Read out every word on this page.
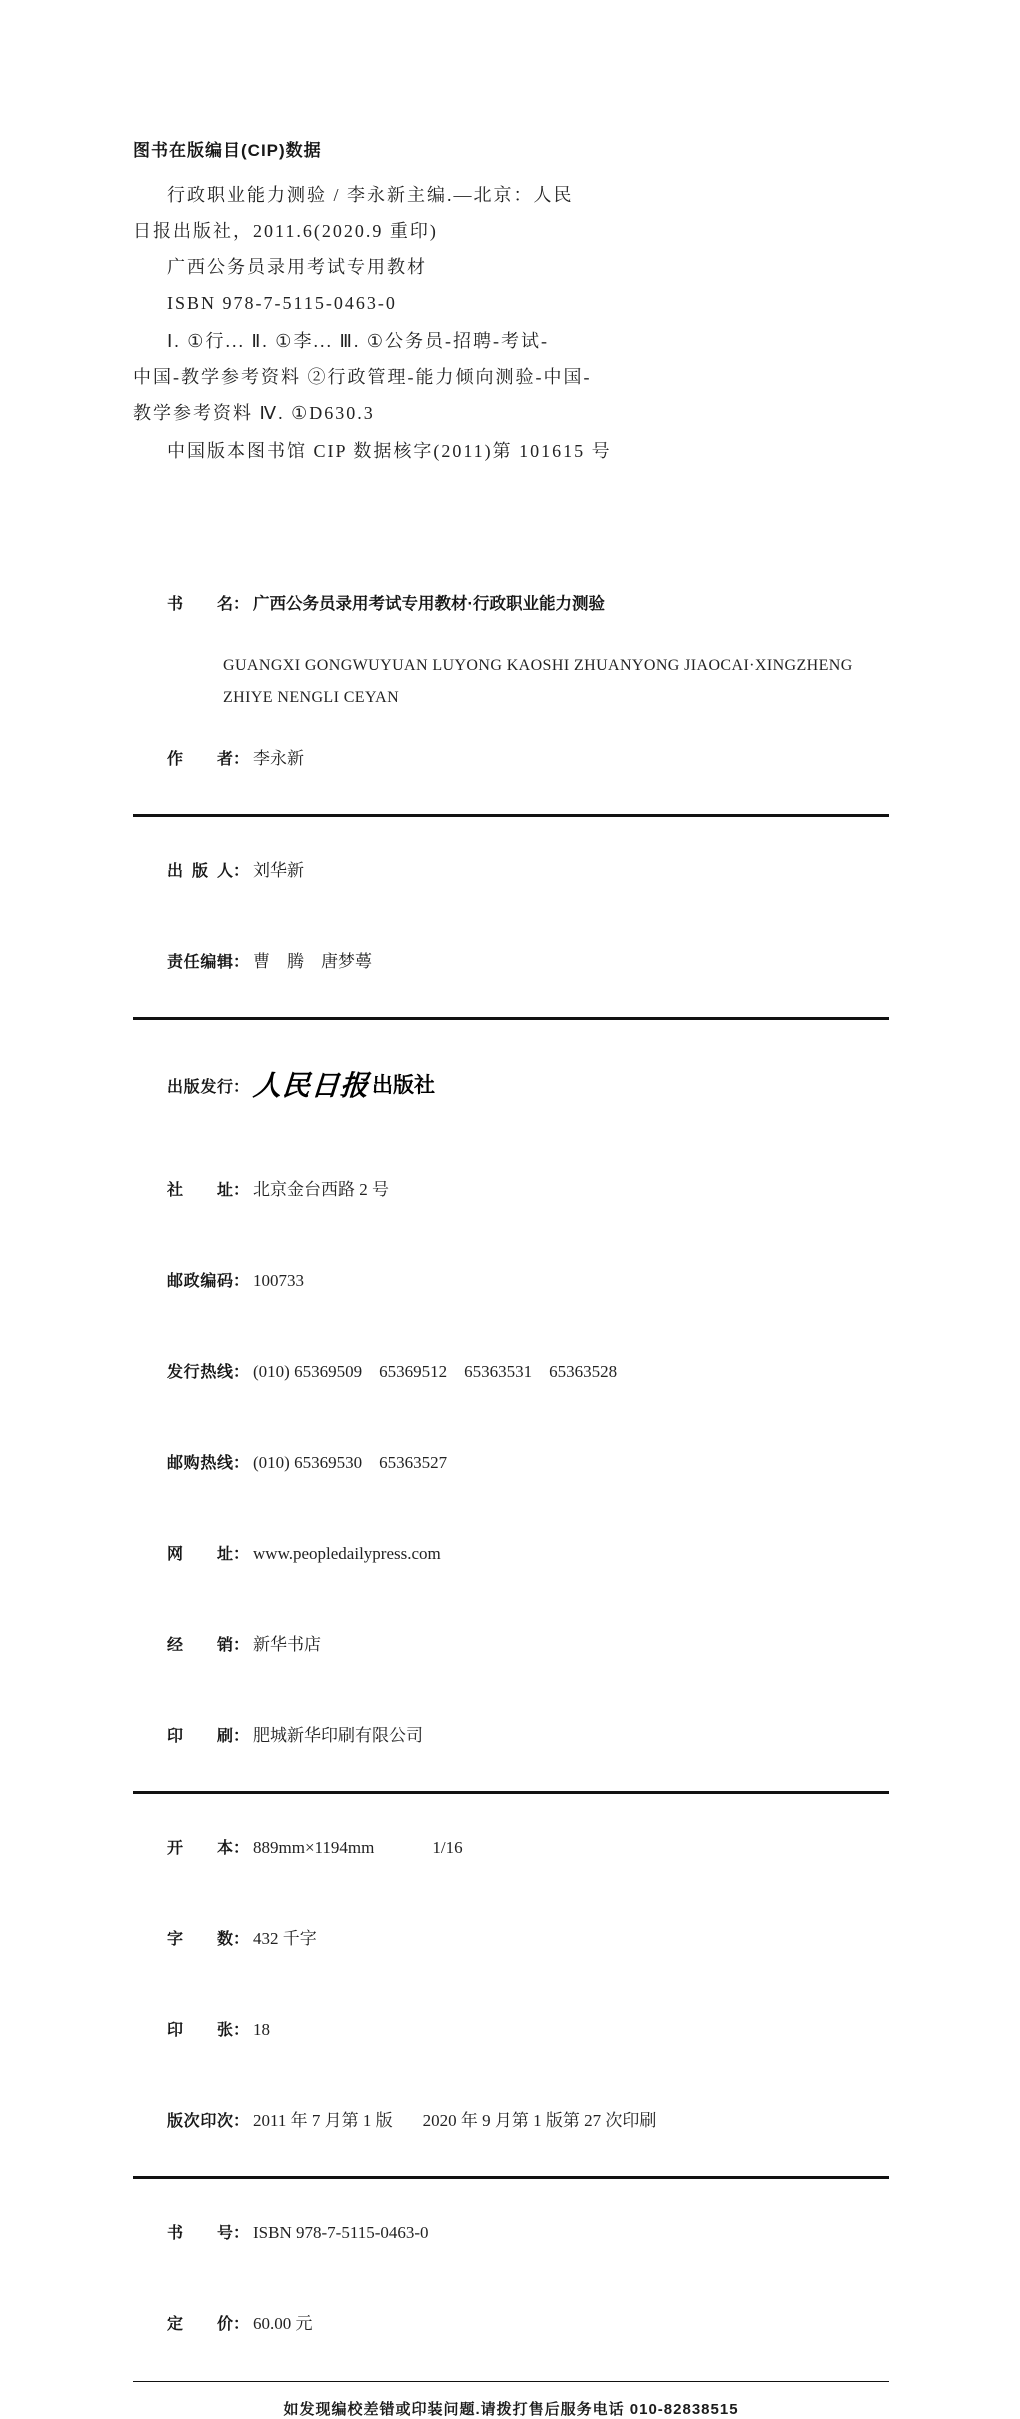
图书在版编目(CIP)数据
行政职业能力测验 / 李永新主编.—北京：人民
日报出版社，2011.6(2020.9 重印)
广西公务员录用考试专用教材
ISBN 978-7-5115-0463-0
Ⅰ. ①行... Ⅱ. ①李... Ⅲ. ①公务员-招聘-考试-
中国-教学参考资料 ②行政管理-能力倾向测验-中国-
教学参考资料 Ⅳ. ①D630.3
中国版本图书馆 CIP 数据核字(2011)第 101615 号

书名： 广西公务员录用考试专用教材·行政职业能力测验

GUANGXI GONGWUYUAN LUYONG KAOSHI ZHUANYONG JIAOCAI·XINGZHENG
ZHIYE NENGLI CEYAN

作者： 李永新

出版人： 刘华新

责任编辑： 曹　腾　唐梦蕚

出版发行： 人民日报出版社

社址： 北京金台西路 2 号

邮政编码： 100733

发行热线： (010) 65369509　65369512　65363531　65363528

邮购热线： (010) 65369530　65363527

网址： www.peopledailypress.com

经销： 新华书店

印刷： 肥城新华印刷有限公司

开本： 889mm×1194mm	1/16

字数： 432 千字

印张： 18

版次印次： 2011 年 7 月第 1 版 2020 年 9 月第 1 版第 27 次印刷

书号： ISBN 978-7-5115-0463-0

定价： 60.00 元

如发现编校差错或印装问题.请拨打售后服务电话 010-82838515
